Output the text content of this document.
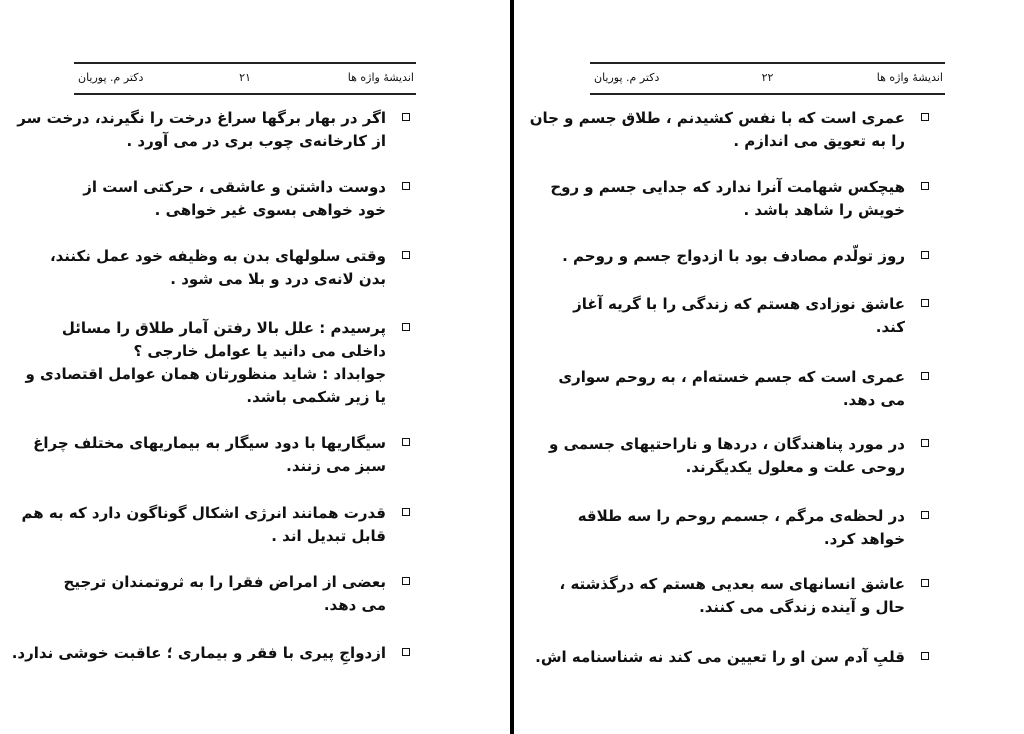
اندیشهٔ واژه ها
۲۱
دکتر م. پوریان
اگر در بهار برگها سراغ درخت را نگیرند، درخت سر
از کارخانه‌ی چوب بری در می آورد .
دوست داشتن و عاشقی ، حرکتی است از
خود خواهی بسوی غیر خواهی .
وقتی سلولهای بدن به وظیفه خود عمل نکنند،
بدن لانه‌ی درد و بلا می شود .
پرسیدم : علل بالا رفتن آمار طلاق را مسائل
داخلی می دانید یا عوامل خارجی ؟
جوابداد : شاید منظورتان همان عوامل اقتصادی و
یا زیر شکمی باشد.
سیگاریها با دود سیگار به بیماریهای مختلف چراغ
سبز می زنند.
قدرت همانند انرژی اشکال گوناگون دارد که به هم
قابل تبدیل اند .
بعضی از امراض فقرا را به ثروتمندان ترجیح
می دهد.
ازدواجِ پیری با فقر و بیماری ؛ عاقبت خوشی ندارد.
اندیشهٔ واژه ها
۲۲
دکتر م. پوریان
عمری است که با نفس کشیدنم ، طلاق جسم و جان
را به تعویق می اندازم .
هیچکس شهامت آنرا ندارد که جدایی جسم و روح
خویش را شاهد باشد .
روز تولّدم مصادف بود با ازدواج جسم و روحم .
عاشق نوزادی هستم که زندگی را با گریه آغاز
کند.
عمری است که جسم خسته‌ام ، به روحم سواری
می دهد.
در مورد پناهندگان ، دردها و ناراحتیهای جسمی و
روحی علت و معلول یکدیگرند.
در لحظه‌ی مرگم ، جسمم روحم را سه طلاقه
خواهد کرد.
عاشق انسانهای سه بعدیی هستم که درگذشته ،
حال و آینده زندگی می کنند.
قلبِ آدم سن او را تعیین می کند نه شناسنامه اش.
